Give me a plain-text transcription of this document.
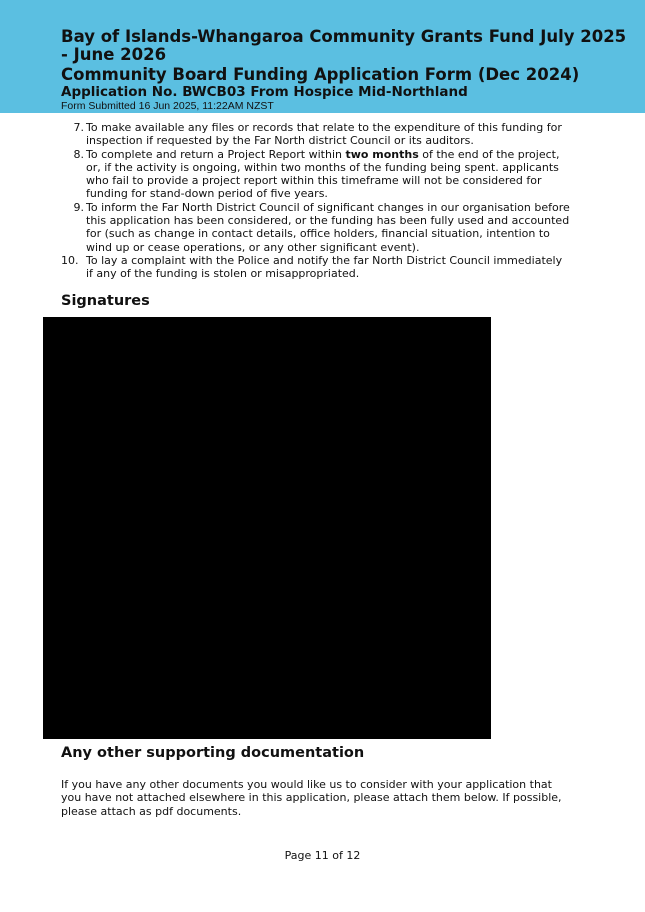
Bay of Islands-Whangaroa Community Grants Fund July 2025 - June 2026
Community Board Funding Application Form (Dec 2024)
Application No. BWCB03 From Hospice Mid-Northland
Form Submitted 16 Jun 2025, 11:22AM NZST
7. To make available any files or records that relate to the expenditure of this funding for inspection if requested by the Far North district Council or its auditors.

8. To complete and return a Project Report within two months of the end of the project, or, if the activity is ongoing, within two months of the funding being spent. applicants who fail to provide a project report within this timeframe will not be considered for funding for stand-down period of five years.

9. To inform the Far North District Council of significant changes in our organisation before this application has been considered, or the funding has been fully used and accounted for (such as change in contact details, office holders, financial situation, intention to wind up or cease operations, or any other significant event).

10. To lay a complaint with the Police and notify the far North District Council immediately if any of the funding is stolen or misappropriated.

Signatures
Any other supporting documentation

If you have any other documents you would like us to consider with your application that

you have not attached elsewhere in this application, please attach them below. If possible,

please attach as pdf documents.

Page 11 of 12
